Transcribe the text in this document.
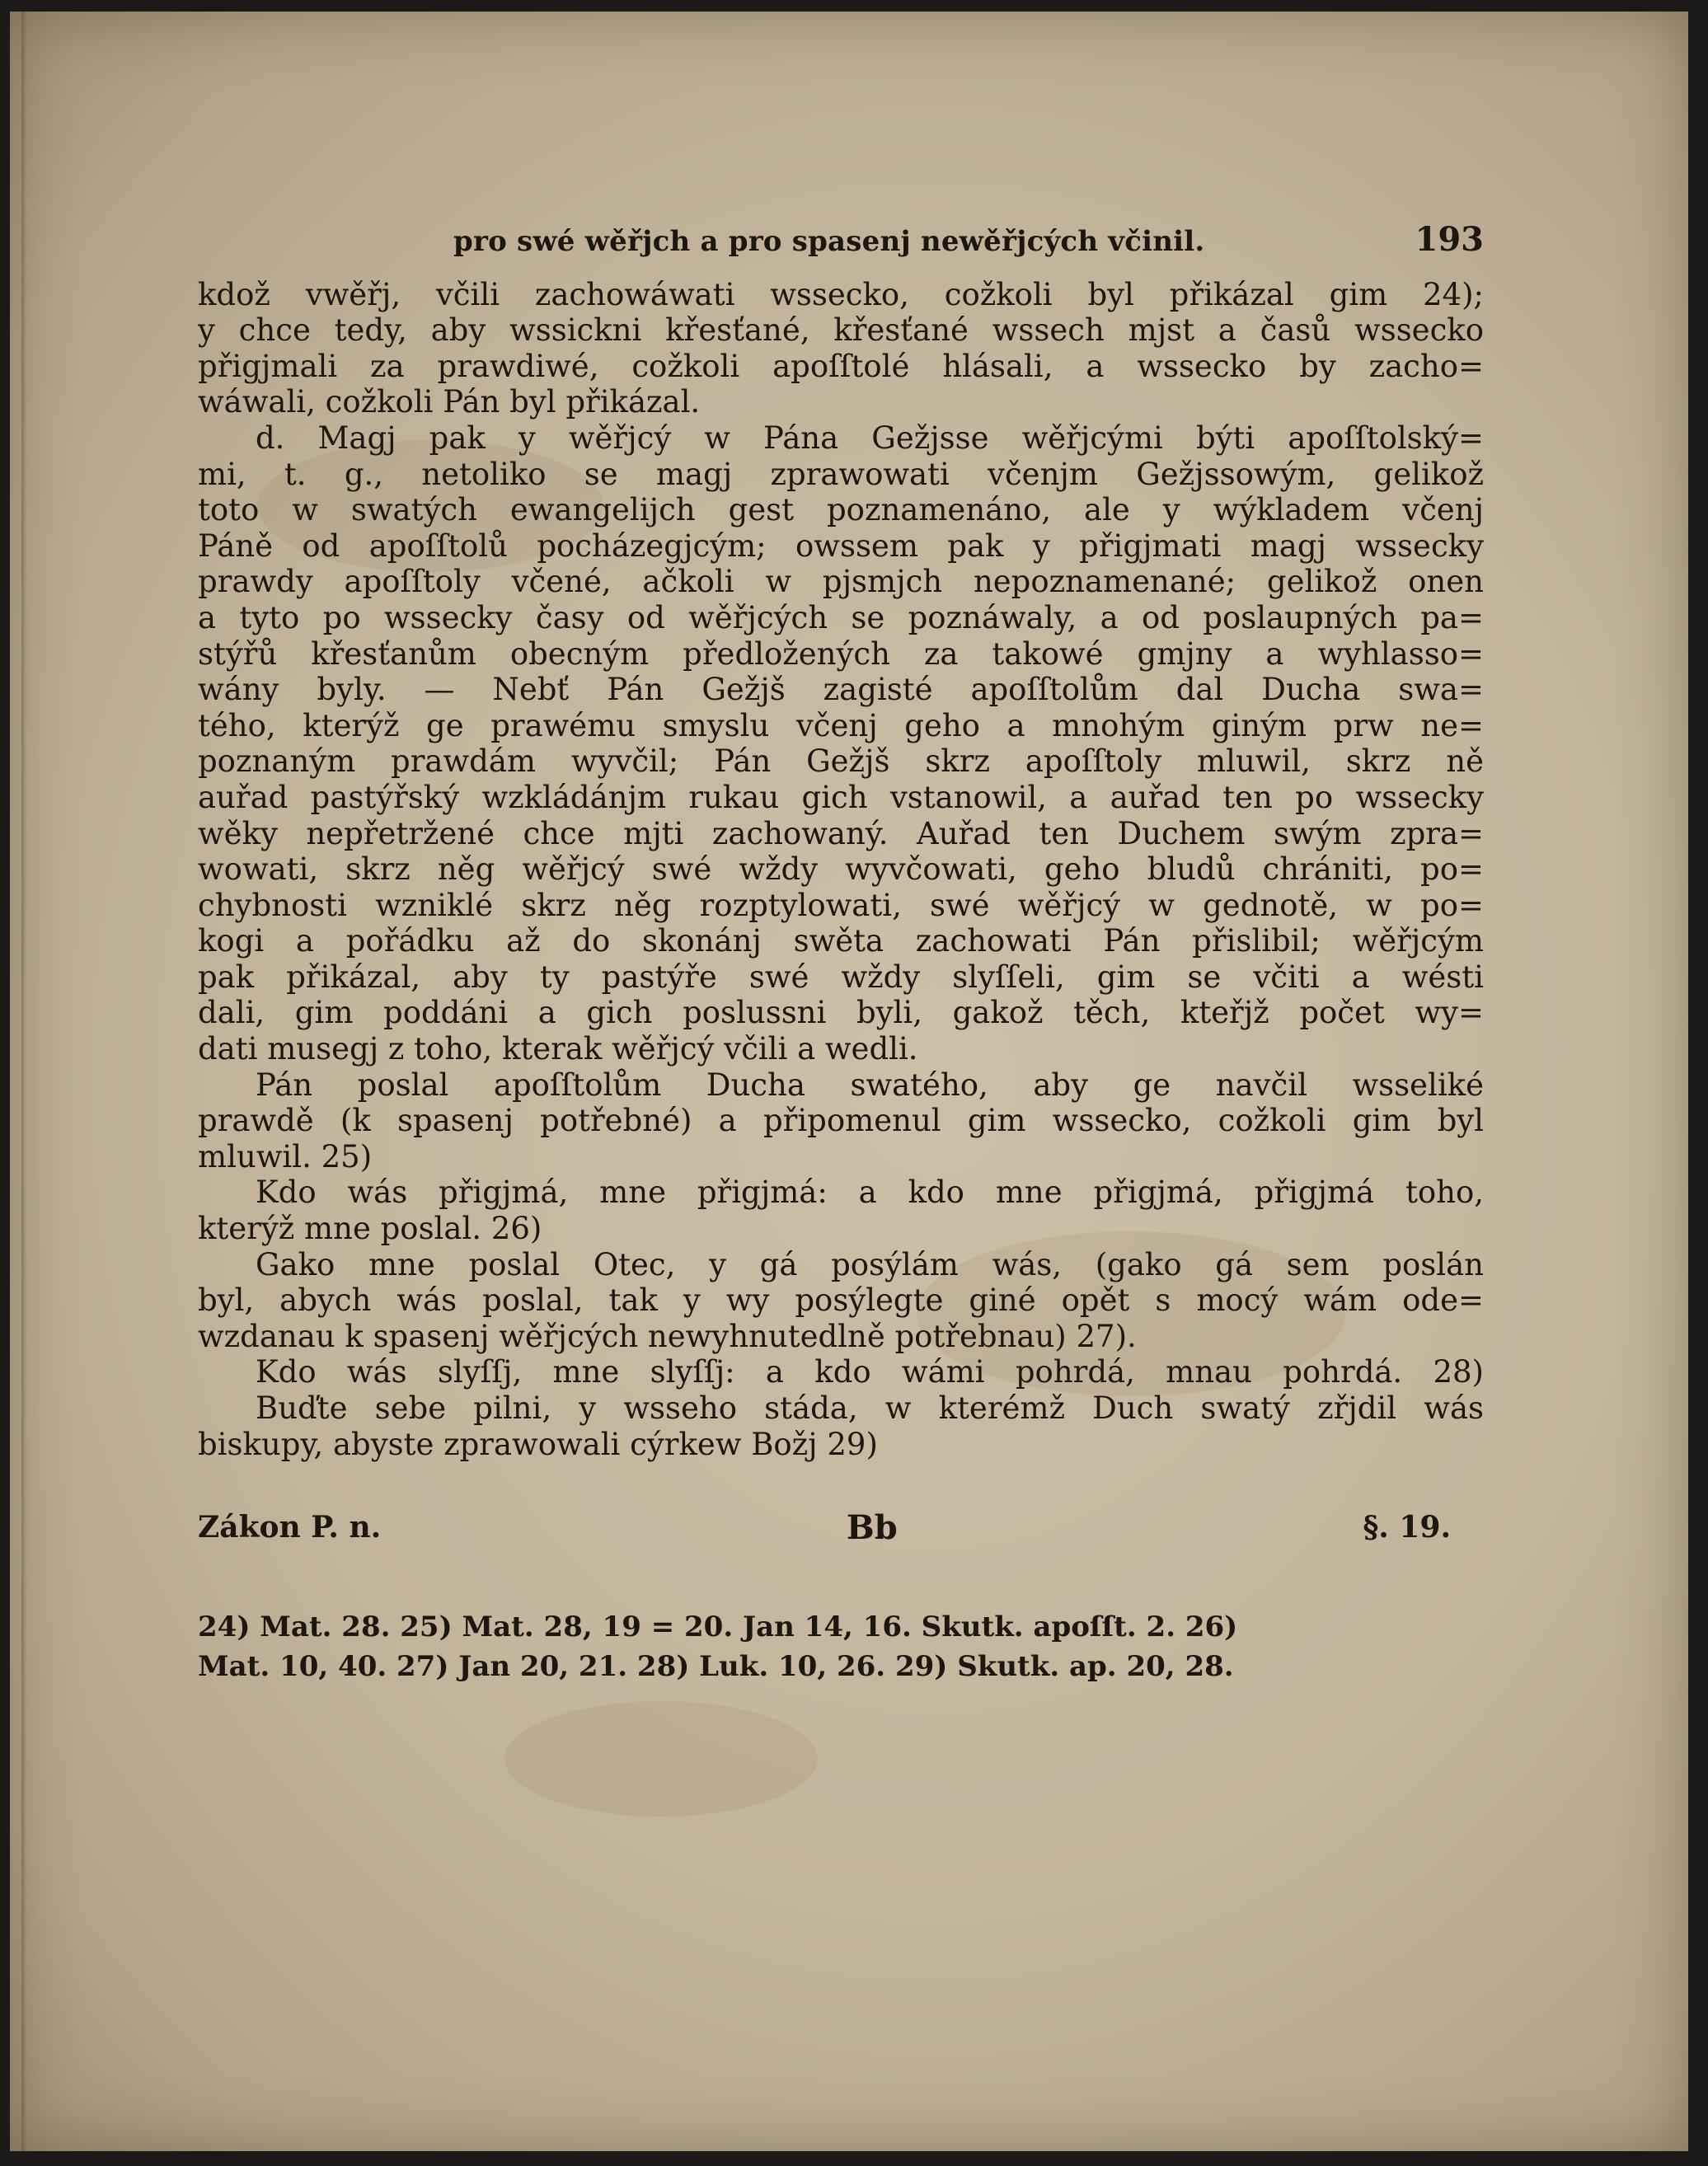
pro swé wěřjch a pro spasenj newěřjcých včinil.	193
kdož vwěřj, včili zachowáwati wssecko, cožkoli byl přikázal gim 24);
y chce tedy, aby wssickni křesťané, křesťané wssech mjst a časů wssecko
přigjmali za prawdiwé, cožkoli apoſſtolé hlásali, a wssecko by zacho=
wáwali, cožkoli Pán byl přikázal.
d. Magj pak y wěřjcý w Pána Gežjsse wěřjcými býti apoſſtolský=
mi, t. g., netoliko se magj zprawowati včenjm Gežjssowým, gelikož
toto w swatých ewangelijch gest poznamenáno, ale y wýkladem včenj
Páně od apoſſtolů pocházegjcým; owssem pak y přigjmati magj wssecky
prawdy apoſſtoly včené, ačkoli w pjsmjch nepoznamenané; gelikož onen
a tyto po wssecky časy od wěřjcých se poznáwaly, a od poslaupných pa=
stýřů křesťanům obecným předložených za takowé gmjny a wyhlasso=
wány byly. — Nebť Pán Gežjš zagisté apoſſtolům dal Ducha swa=
tého, kterýž ge prawému smyslu včenj geho a mnohým giným prw ne=
poznaným prawdám wyvčil; Pán Gežjš skrz apoſſtoly mluwil, skrz ně
auřad pastýřský wzkládánjm rukau gich vstanowil, a auřad ten po wssecky
wěky nepřetržené chce mjti zachowaný. Auřad ten Duchem swým zpra=
wowati, skrz něg wěřjcý swé wždy wyvčowati, geho bludů chrániti, po=
chybnosti wzniklé skrz něg rozptylowati, swé wěřjcý w gednotě, w po=
kogi a pořádku až do skonánj swěta zachowati Pán přislibil; wěřjcým
pak přikázal, aby ty pastýře swé wždy slyſſeli, gim se včiti a wésti
dali, gim poddáni a gich poslussni byli, gakož těch, kteřjž počet wy=
dati musegj z toho, kterak wěřjcý včili a wedli.
Pán poslal apoſſtolům Ducha swatého, aby ge navčil wsseliké
prawdě (k spasenj potřebné) a připomenul gim wssecko, cožkoli gim byl
mluwil. 25)
Kdo wás přigjmá, mne přigjmá: a kdo mne přigjmá, přigjmá toho,
kterýž mne poslal. 26)
Gako mne poslal Otec, y gá posýlám wás, (gako gá sem poslán
byl, abych wás poslal, tak y wy posýlegte giné opět s mocý wám ode=
wzdanau k spasenj wěřjcých newyhnutedlně potřebnau) 27).
Kdo wás slyſſj, mne slyſſj: a kdo wámi pohrdá, mnau pohrdá. 28)
Buďte sebe pilni, y wsseho stáda, w kterémž Duch swatý zřjdil wás
biskupy, abyste zprawowali cýrkew Božj 29)
Zákon P. n.	Bb	§. 19.
24) Mat. 28. 25) Mat. 28, 19 = 20. Jan 14, 16. Skutk. apoſſt. 2. 26)
Mat. 10, 40. 27) Jan 20, 21. 28) Luk. 10, 26. 29) Skutk. ap. 20, 28.
